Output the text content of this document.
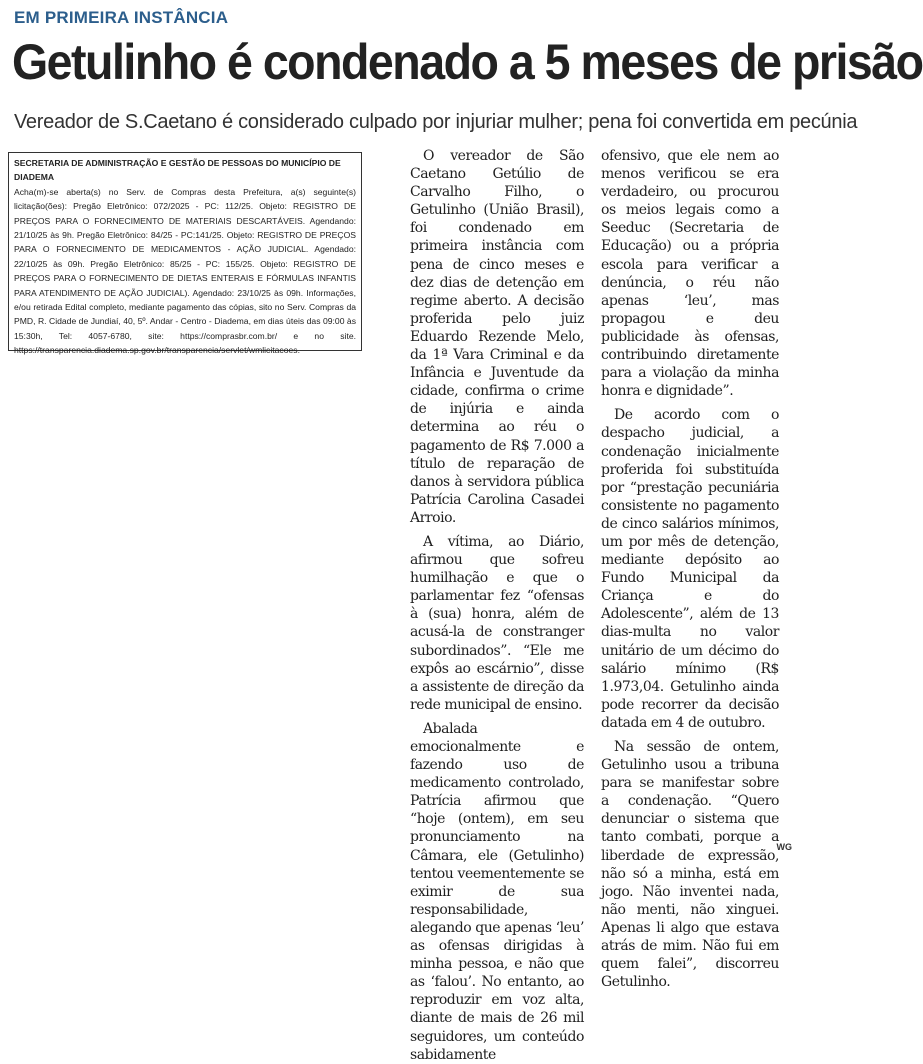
EM PRIMEIRA INSTÂNCIA
Getulinho é condenado a 5 meses de prisão
Vereador de S.Caetano é considerado culpado por injuriar mulher; pena foi convertida em pecúnia
SECRETARIA DE ADMINISTRAÇÃO E GESTÃO DE PESSOAS DO MUNICÍPIO DE DIADEMA
Acha(m)-se aberta(s) no Serv. de Compras desta Prefeitura, a(s) seguinte(s) licitação(ões): Pregão Eletrônico: 072/2025 - PC: 112/25. Objeto: REGISTRO DE PREÇOS PARA O FORNECIMENTO DE MATERIAIS DESCARTÁVEIS. Agendando: 21/10/25 às 9h. Pregão Eletrônico: 84/25 - PC:141/25. Objeto: REGISTRO DE PREÇOS PARA O FORNECIMENTO DE MEDICAMENTOS - AÇÃO JUDICIAL. Agendado: 22/10/25 às 09h. Pregão Eletrônico: 85/25 - PC: 155/25. Objeto: REGISTRO DE PREÇOS PARA O FORNECIMENTO DE DIETAS ENTERAIS E FÓRMULAS INFANTIS PARA ATENDIMENTO DE AÇÃO JUDICIAL). Agendado: 23/10/25 às 09h. Informações, e/ou retirada Edital completo, mediante pagamento das cópias, sito no Serv. Compras da PMD, R. Cidade de Jundiaí, 40, 5º. Andar - Centro - Diadema, em dias úteis das 09:00 às 15:30h, Tel: 4057-6780, site: https://comprasbr.com.br/ e no site. https://transparencia.diadema.sp.gov.br/transparencia/servlet/wmlicitacoes.

O vereador de São Caetano Getúlio de Carvalho Filho, o Getulinho (União Brasil), foi condenado em primeira instância com pena de cinco meses e dez dias de detenção em regime aberto. A decisão proferida pelo juiz Eduardo Rezende Melo, da 1ª Vara Criminal e da Infância e Juventude da cidade, confirma o crime de injúria e ainda determina ao réu o pagamento de R$ 7.000 a título de reparação de danos à servidora pública Patrícia Carolina Casadei Arroio.

A vítima, ao Diário, afirmou que sofreu humilhação e que o parlamentar fez “ofensas à (sua) honra, além de acusá-la de constranger subordinados”. “Ele me expôs ao escárnio”, disse a assistente de direção da rede municipal de ensino.

Abalada emocionalmente e fazendo uso de medicamento controlado, Patrícia afirmou que “hoje (ontem), em seu pronunciamento na Câmara, ele (Getulinho) tentou veementemente se eximir de sua responsabilidade, alegando que apenas ‘leu’ as ofensas dirigidas à minha pessoa, e não que as ‘falou’. No entanto, ao reproduzir em voz alta, diante de mais de 26 mil seguidores, um conteúdo sabidamente

ofensivo, que ele nem ao menos verificou se era verdadeiro, ou procurou os meios legais como a Seeduc (Secretaria de Educação) ou a própria escola para verificar a denúncia, o réu não apenas ‘leu’, mas propagou e deu publicidade às ofensas, contribuindo diretamente para a violação da minha honra e dignidade”.

De acordo com o despacho judicial, a condenação inicialmente proferida foi substituída por “prestação pecuniária consistente no pagamento de cinco salários mínimos, um por mês de detenção, mediante depósito ao Fundo Municipal da Criança e do Adolescente”, além de 13 dias-multa no valor unitário de um décimo do salário mínimo (R$ 1.973,04. Getulinho ainda pode recorrer da decisão datada em 4 de outubro.

Na sessão de ontem, Getulinho usou a tribuna para se manifestar sobre a condenação. “Quero denunciar o sistema que tanto combati, porque a liberdade de expressão, não só a minha, está em jogo. Não inventei nada, não menti, não xinguei. Apenas li algo que estava atrás de mim. Não fui em quem falei”, discorreu Getulinho.

WG
